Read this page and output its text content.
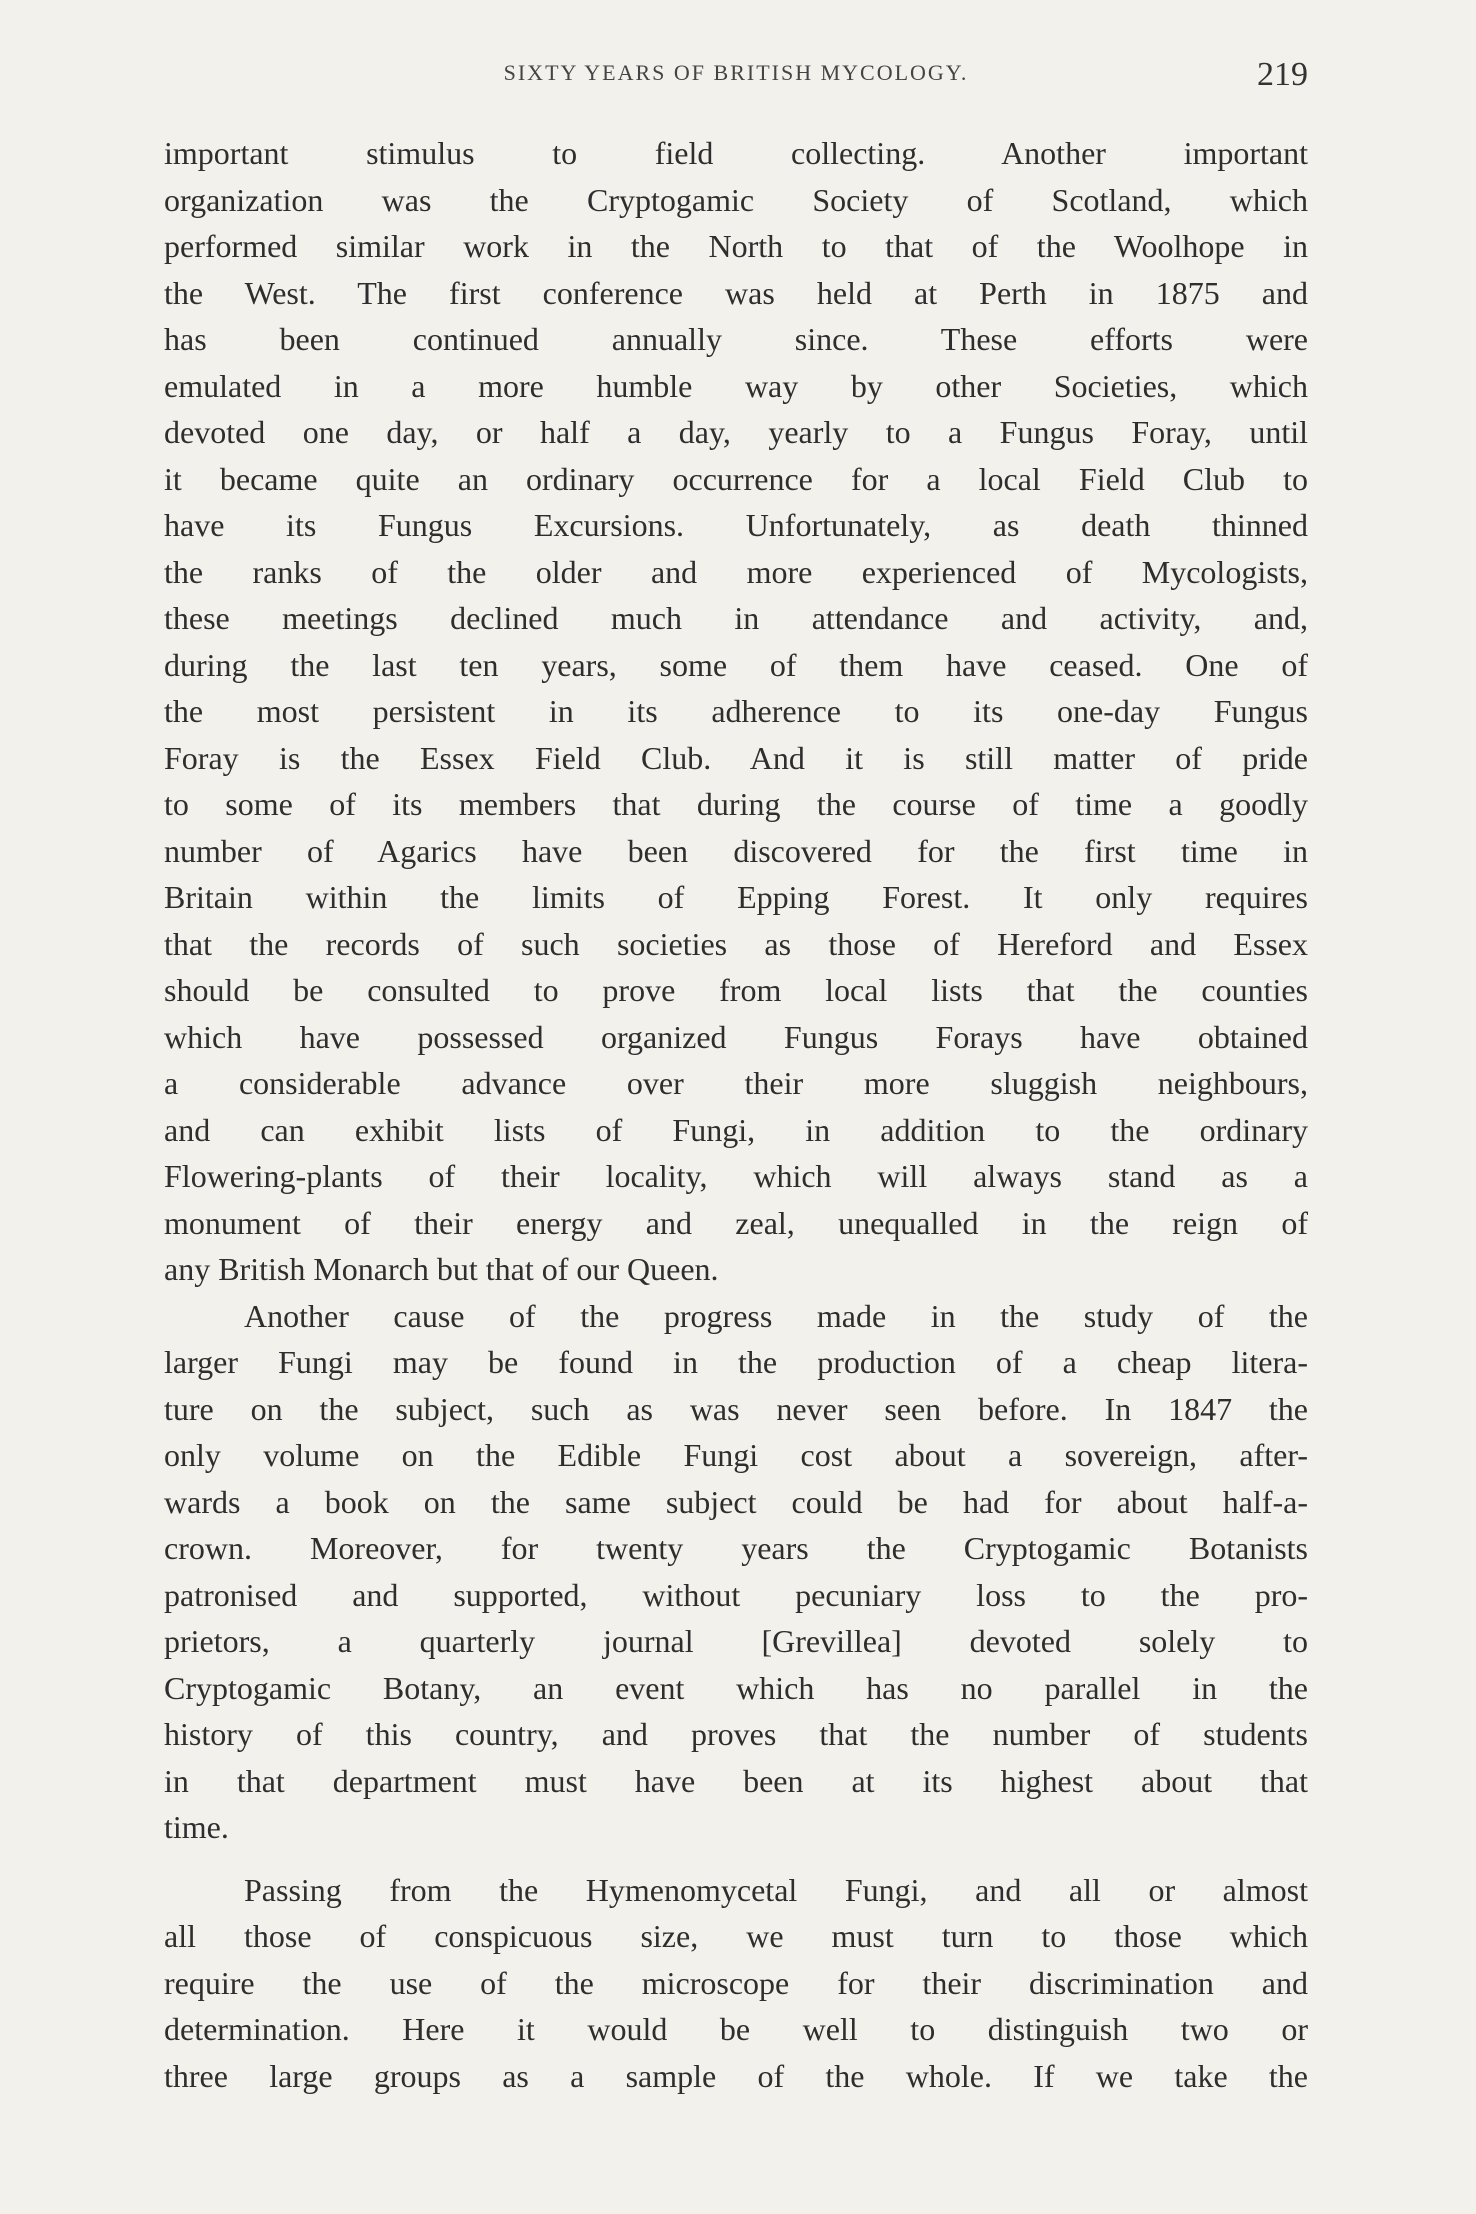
SIXTY YEARS OF BRITISH MYCOLOGY.	219
important stimulus to field collecting. Another important
organization was the Cryptogamic Society of Scotland, which
performed similar work in the North to that of the Woolhope in
the West. The first conference was held at Perth in 1875 and
has been continued annually since. These efforts were
emulated in a more humble way by other Societies, which
devoted one day, or half a day, yearly to a Fungus Foray, until
it became quite an ordinary occurrence for a local Field Club to
have its Fungus Excursions. Unfortunately, as death thinned
the ranks of the older and more experienced of Mycologists,
these meetings declined much in attendance and activity, and,
during the last ten years, some of them have ceased. One of
the most persistent in its adherence to its one-day Fungus
Foray is the Essex Field Club. And it is still matter of pride
to some of its members that during the course of time a goodly
number of Agarics have been discovered for the first time in
Britain within the limits of Epping Forest. It only requires
that the records of such societies as those of Hereford and Essex
should be consulted to prove from local lists that the counties
which have possessed organized Fungus Forays have obtained
a considerable advance over their more sluggish neighbours,
and can exhibit lists of Fungi, in addition to the ordinary
Flowering-plants of their locality, which will always stand as a
monument of their energy and zeal, unequalled in the reign of
any British Monarch but that of our Queen.
Another cause of the progress made in the study of the
larger Fungi may be found in the production of a cheap litera-
ture on the subject, such as was never seen before. In 1847 the
only volume on the Edible Fungi cost about a sovereign, after-
wards a book on the same subject could be had for about half-a-
crown. Moreover, for twenty years the Cryptogamic Botanists
patronised and supported, without pecuniary loss to the pro-
prietors, a quarterly journal [Grevillea] devoted solely to
Cryptogamic Botany, an event which has no parallel in the
history of this country, and proves that the number of students
in that department must have been at its highest about that
time.
Passing from the Hymenomycetal Fungi, and all or almost
all those of conspicuous size, we must turn to those which
require the use of the microscope for their discrimination and
determination. Here it would be well to distinguish two or
three large groups as a sample of the whole. If we take the
